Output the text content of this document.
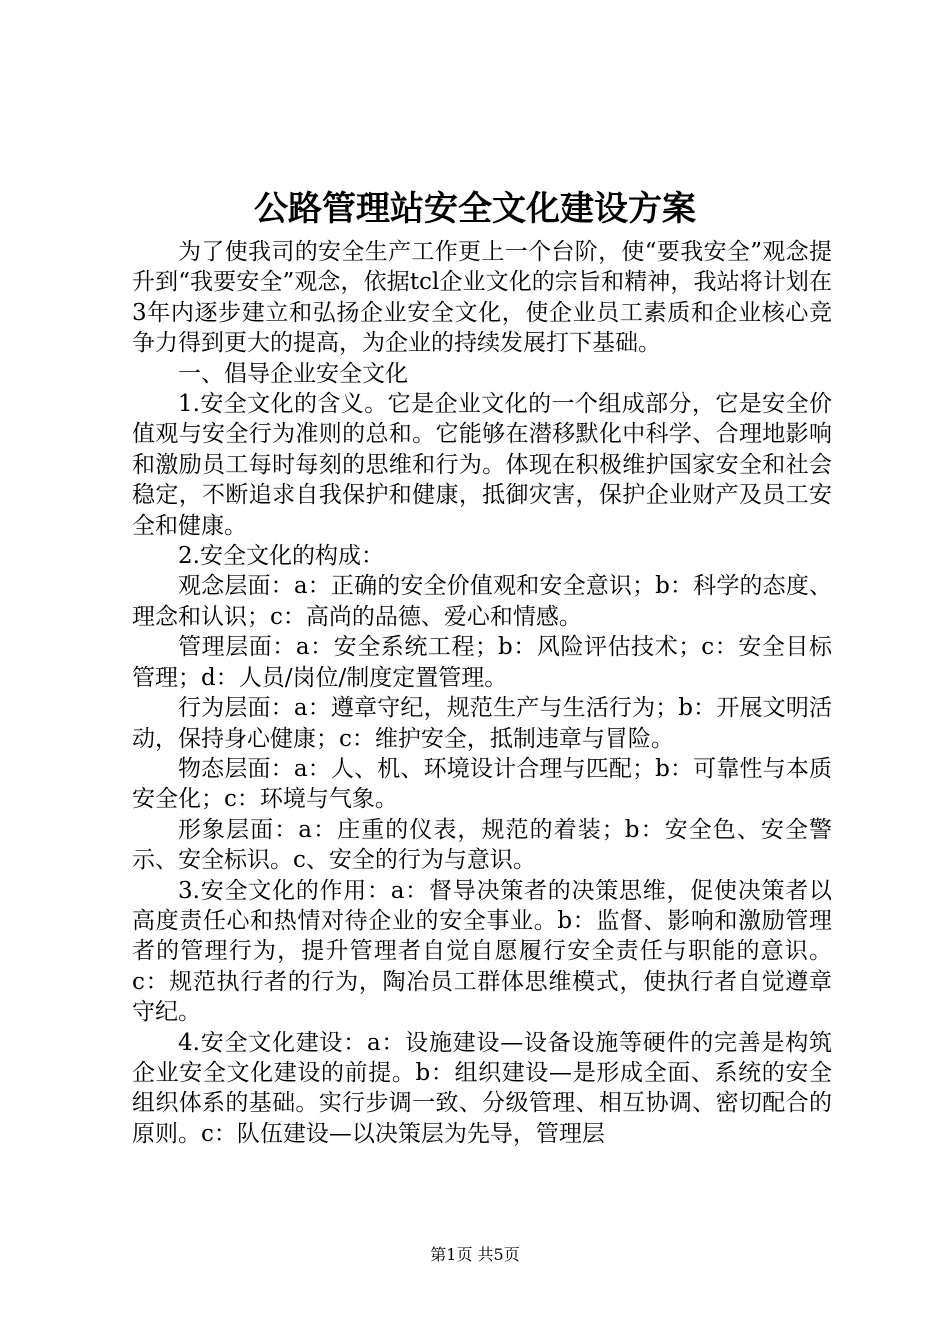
公路管理站安全文化建设方案

为了使我司的安全生产工作更上一个台阶，使“要我安全”观念提升到“我要安全”观念，依据tcl企业文化的宗旨和精神，我站将计划在3年内逐步建立和弘扬企业安全文化，使企业员工素质和企业核心竞争力得到更大的提高，为企业的持续发展打下基础。

一、倡导企业安全文化

1.安全文化的含义。它是企业文化的一个组成部分，它是安全价值观与安全行为准则的总和。它能够在潜移默化中科学、合理地影响和激励员工每时每刻的思维和行为。体现在积极维护国家安全和社会稳定，不断追求自我保护和健康，抵御灾害，保护企业财产及员工安全和健康。

2.安全文化的构成：

观念层面：a：正确的安全价值观和安全意识；b：科学的态度、理念和认识；c：高尚的品德、爱心和情感。

管理层面：a：安全系统工程；b：风险评估技术；c：安全目标管理；d：人员/岗位/制度定置管理。

行为层面：a：遵章守纪，规范生产与生活行为；b：开展文明活动，保持身心健康；c：维护安全，抵制违章与冒险。

物态层面：a：人、机、环境设计合理与匹配；b：可靠性与本质安全化；c：环境与气象。

形象层面：a：庄重的仪表，规范的着装；b：安全色、安全警示、安全标识。c、安全的行为与意识。

3.安全文化的作用：a：督导决策者的决策思维，促使决策者以高度责任心和热情对待企业的安全事业。b：监督、影响和激励管理者的管理行为，提升管理者自觉自愿履行安全责任与职能的意识。c：规范执行者的行为，陶冶员工群体思维模式，使执行者自觉遵章守纪。

4.安全文化建设：a：设施建设—设备设施等硬件的完善是构筑企业安全文化建设的前提。b：组织建设—是形成全面、系统的安全组织体系的基础。实行步调一致、分级管理、相互协调、密切配合的原则。c：队伍建设—以决策层为先导，管理层

第1页 共5页
